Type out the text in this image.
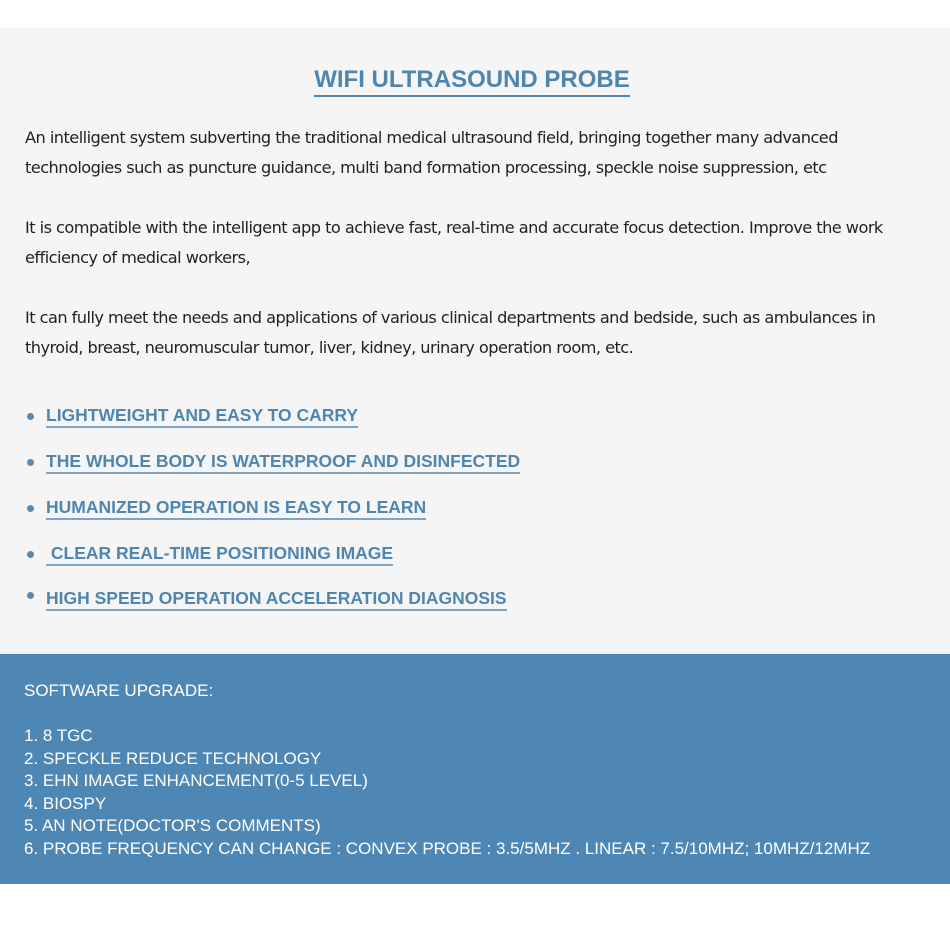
WIFI ULTRASOUND PROBE

An intelligent system subverting the traditional medical ultrasound field, bringing together many advanced technologies such as puncture guidance, multi band formation processing, speckle noise suppression, etc

It is compatible with the intelligent app to achieve fast, real-time and accurate focus detection. Improve the work efficiency of medical workers,

It can fully meet the needs and applications of various clinical departments and bedside, such as ambulances in thyroid, breast, neuromuscular tumor, liver, kidney, urinary operation room, etc.

LIGHTWEIGHT AND EASY TO CARRY
THE WHOLE BODY IS WATERPROOF AND DISINFECTED
HUMANIZED OPERATION IS EASY TO LEARN
CLEAR REAL-TIME POSITIONING IMAGE
HIGH SPEED OPERATION ACCELERATION DIAGNOSIS

SOFTWARE UPGRADE:

1. 8 TGC
2. SPECKLE REDUCE TECHNOLOGY
3. EHN IMAGE ENHANCEMENT(0-5 LEVEL)
4. BIOSPY
5. AN NOTE(DOCTOR'S COMMENTS)
6. PROBE FREQUENCY CAN CHANGE : CONVEX PROBE : 3.5/5MHZ . LINEAR : 7.5/10MHZ; 10MHZ/12MHZ
